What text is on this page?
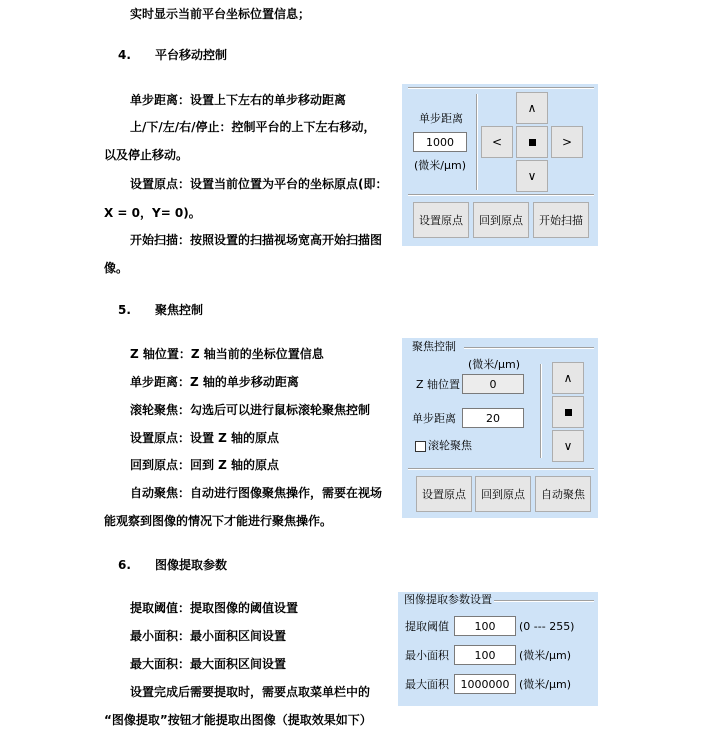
实时显示当前平台坐标位置信息；
4. 平台移动控制
单步距离：设置上下左右的单步移动距离
上/下/左/右/停止：控制平台的上下左右移动，
以及停止移动。
设置原点：设置当前位置为平台的坐标原点(即：
X = 0，Y= 0)。
开始扫描：按照设置的扫描视场宽高开始扫描图
像。
5. 聚焦控制
Z 轴位置：Z 轴当前的坐标位置信息
单步距离：Z 轴的单步移动距离
滚轮聚焦：勾选后可以进行鼠标滚轮聚焦控制
设置原点：设置 Z 轴的原点
回到原点：回到 Z 轴的原点
自动聚焦：自动进行图像聚焦操作，需要在视场
能观察到图像的情况下才能进行聚焦操作。
6. 图像提取参数
提取阈值：提取图像的阈值设置
最小面积：最小面积区间设置
最大面积：最大面积区间设置
设置完成后需要提取时，需要点取菜单栏中的
“图像提取”按钮才能提取出图像（提取效果如下）
单步距离
1000
(微米/μm)
∧
<	>
∨
设置原点	回到原点	开始扫描
聚焦控制
(微米/μm)
Z 轴位置	0
单步距离	20
滚轮聚焦
∧
∨
设置原点	回到原点	自动聚焦
图像提取参数设置
提取阈值	100	(0 --- 255)
最小面积	100	(微米/μm)
最大面积	1000000 (微米/μm)
